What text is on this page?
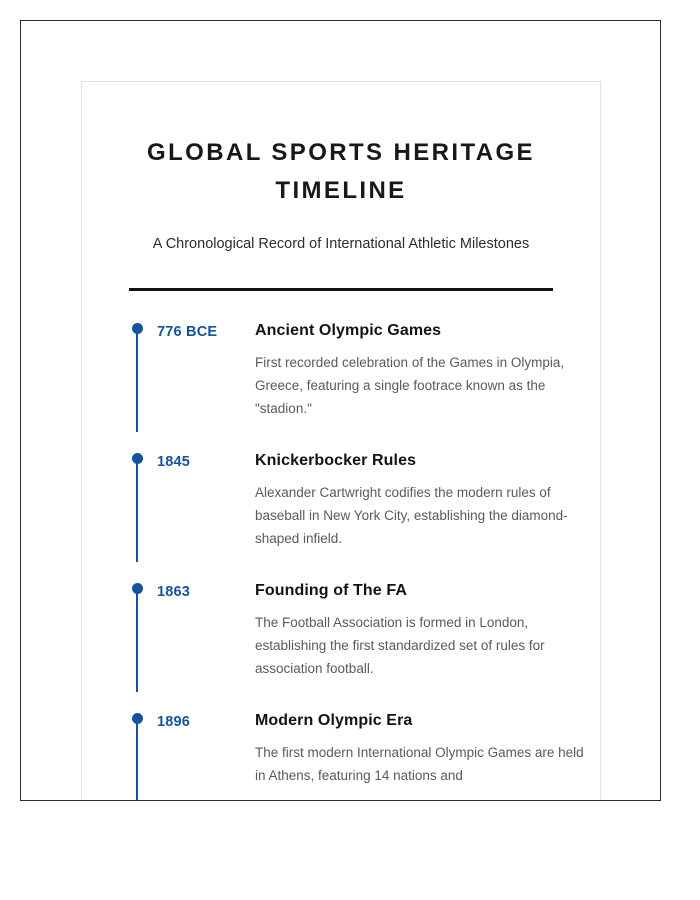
GLOBAL SPORTS HERITAGE TIMELINE

A Chronological Record of International Athletic Milestones

776 BCE	Ancient Olympic Games
First recorded celebration of the Games in Olympia, Greece, featuring a single footrace known as the "stadion."
1845	Knickerbocker Rules
Alexander Cartwright codifies the modern rules of baseball in New York City, establishing the diamond-shaped infield.
1863	Founding of The FA
The Football Association is formed in London, establishing the first standardized set of rules for association football.
1896	Modern Olympic Era
The first modern International Olympic Games are held in Athens, featuring 14 nations and
